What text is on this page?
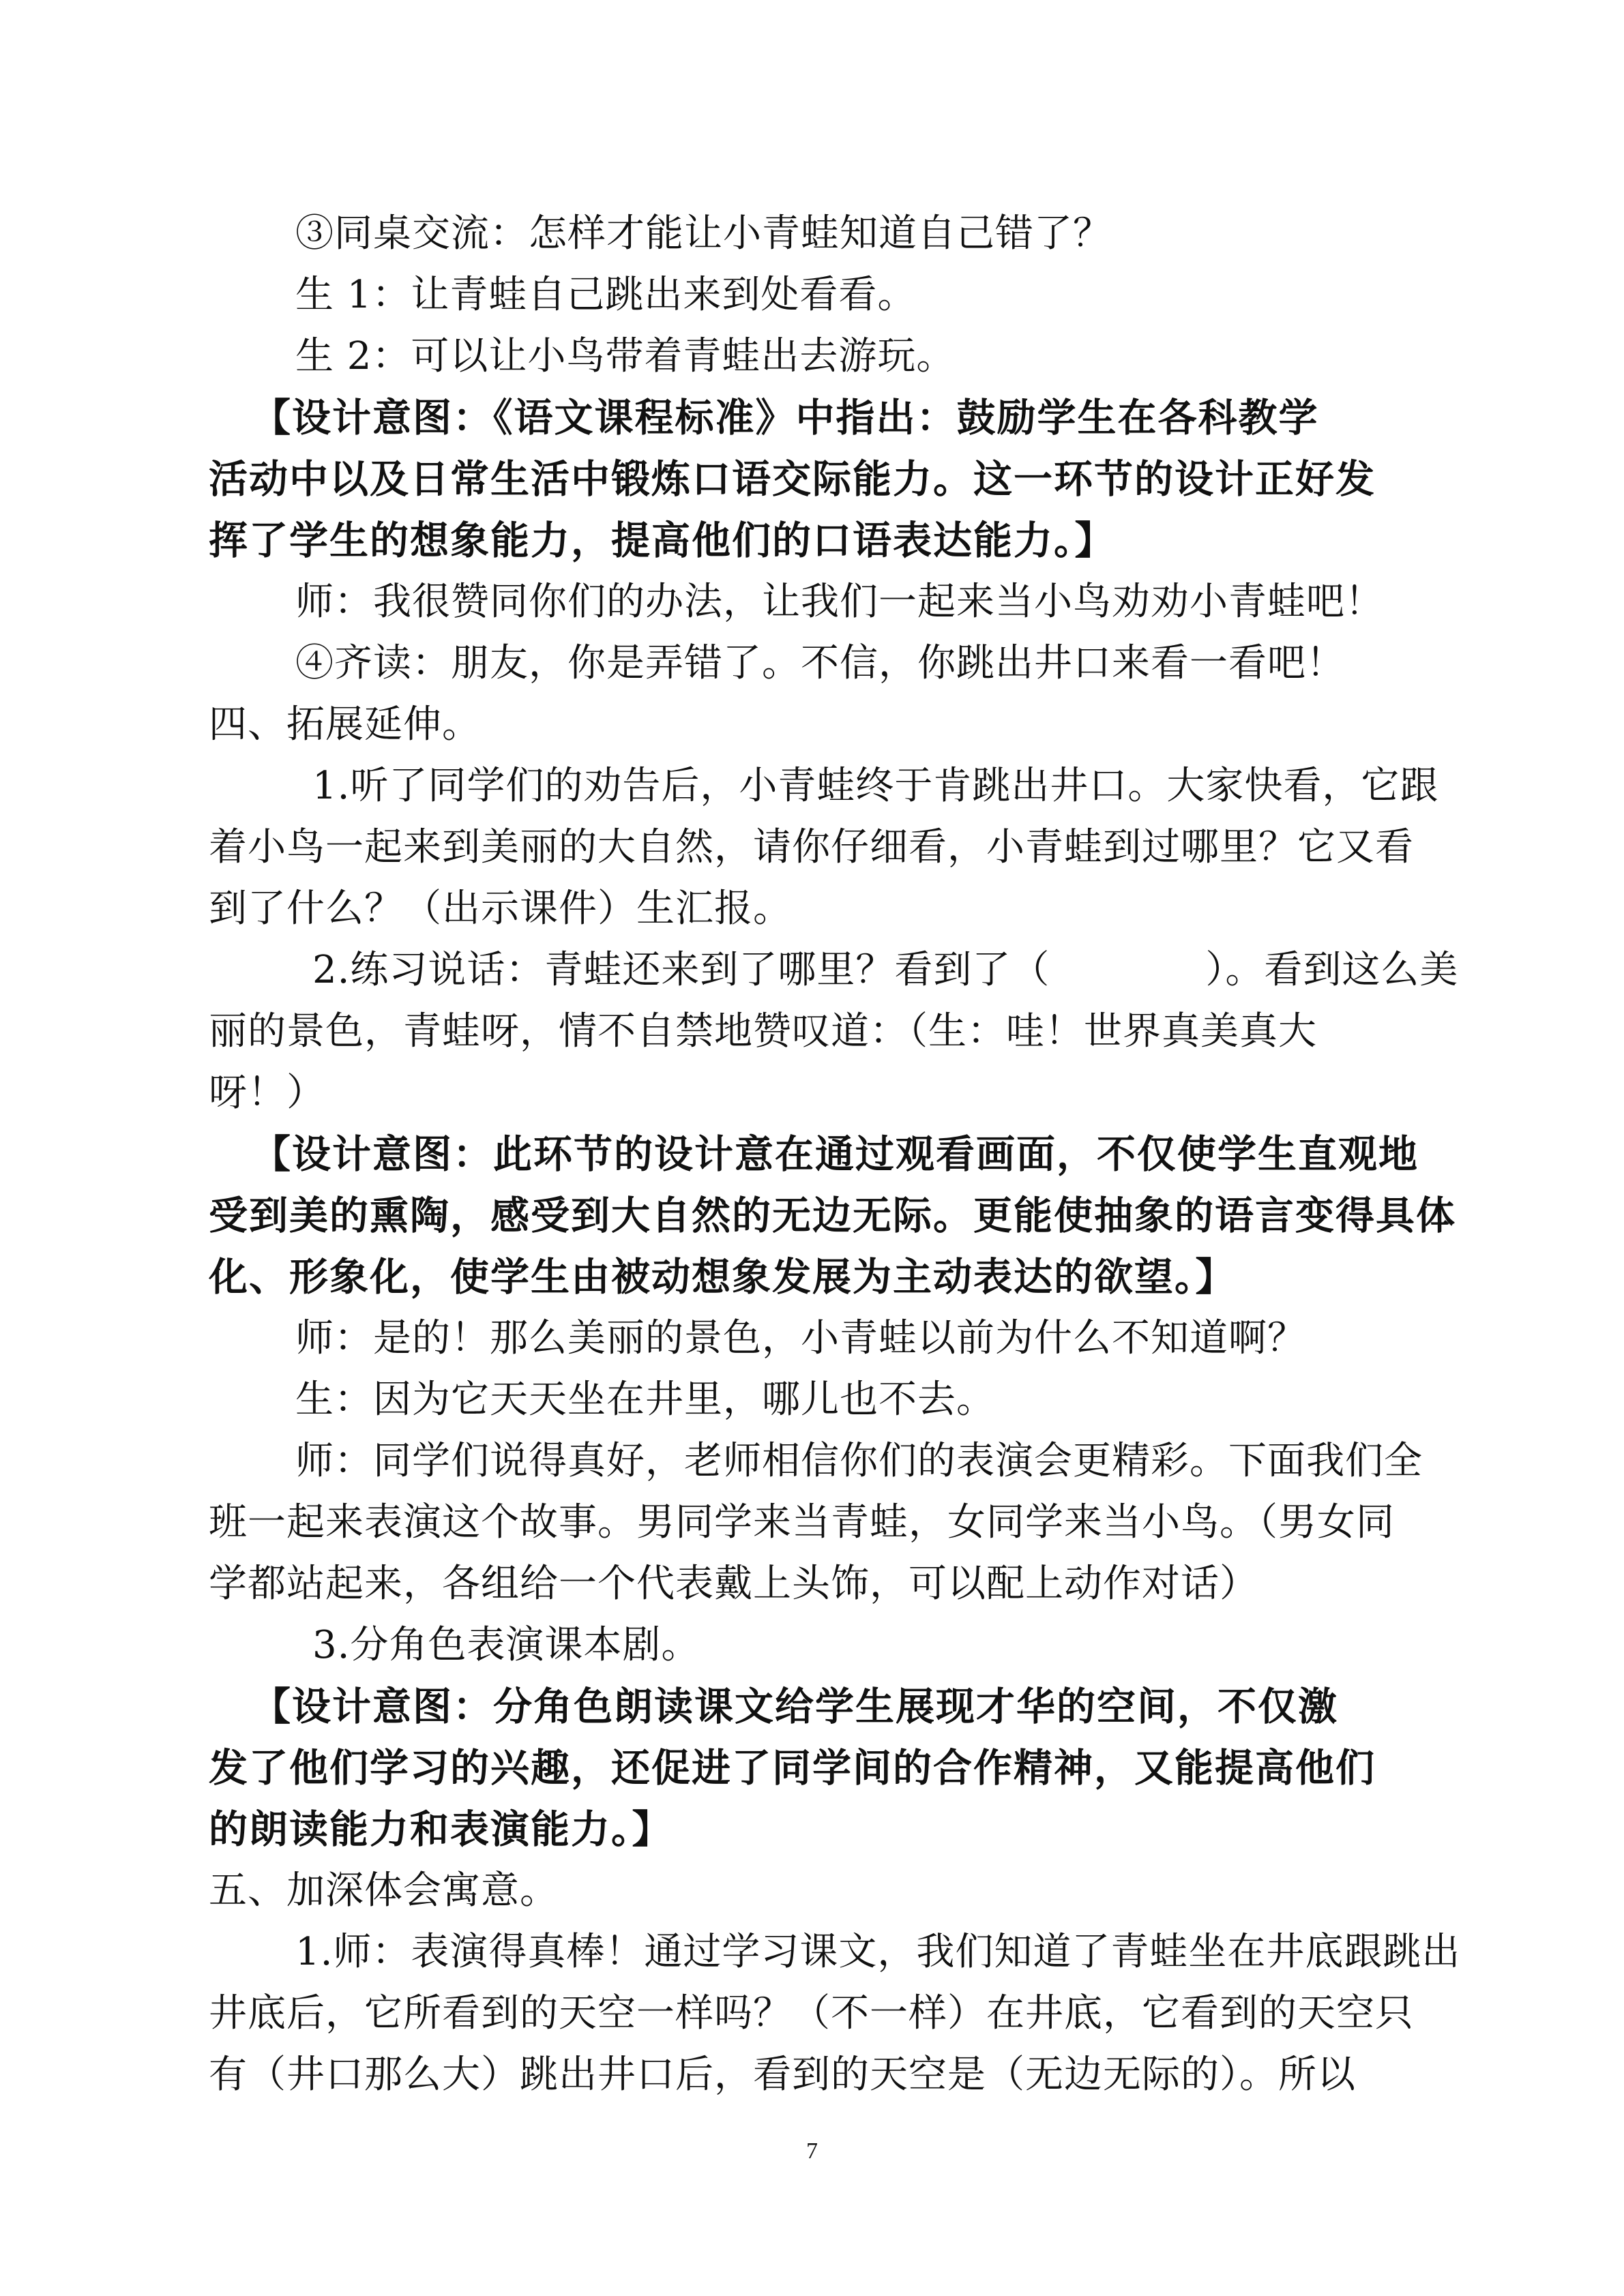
③同桌交流：怎样才能让小青蛙知道自己错了？
生 1：让青蛙自己跳出来到处看看。
生 2：可以让小鸟带着青蛙出去游玩。
【设计意图：《语文课程标准》中指出：鼓励学生在各科教学
活动中以及日常生活中锻炼口语交际能力。这一环节的设计正好发
挥了学生的想象能力，提高他们的口语表达能力。】
师：我很赞同你们的办法，让我们一起来当小鸟劝劝小青蛙吧！
④齐读：朋友，你是弄错了。不信，你跳出井口来看一看吧！
四、拓展延伸。
1.听了同学们的劝告后，小青蛙终于肯跳出井口。大家快看，它跟
着小鸟一起来到美丽的大自然，请你仔细看，小青蛙到过哪里？它又看
到了什么？（出示课件）生汇报。
2.练习说话：青蛙还来到了哪里？看到了（　　　　）。看到这么美
丽的景色，青蛙呀，情不自禁地赞叹道：（生：哇！世界真美真大
呀！）
【设计意图：此环节的设计意在通过观看画面，不仅使学生直观地
受到美的熏陶，感受到大自然的无边无际。更能使抽象的语言变得具体
化、形象化，使学生由被动想象发展为主动表达的欲望。】
师：是的！那么美丽的景色，小青蛙以前为什么不知道啊？
生：因为它天天坐在井里，哪儿也不去。
师：同学们说得真好，老师相信你们的表演会更精彩。下面我们全
班一起来表演这个故事。男同学来当青蛙，女同学来当小鸟。（男女同
学都站起来，各组给一个代表戴上头饰，可以配上动作对话）
3.分角色表演课本剧。
【设计意图：分角色朗读课文给学生展现才华的空间，不仅激
发了他们学习的兴趣，还促进了同学间的合作精神，又能提高他们
的朗读能力和表演能力。】
五、加深体会寓意。
1.师：表演得真棒！通过学习课文，我们知道了青蛙坐在井底跟跳出
井底后，它所看到的天空一样吗？（不一样）在井底，它看到的天空只
有（井口那么大）跳出井口后，看到的天空是（无边无际的）。所以
7
